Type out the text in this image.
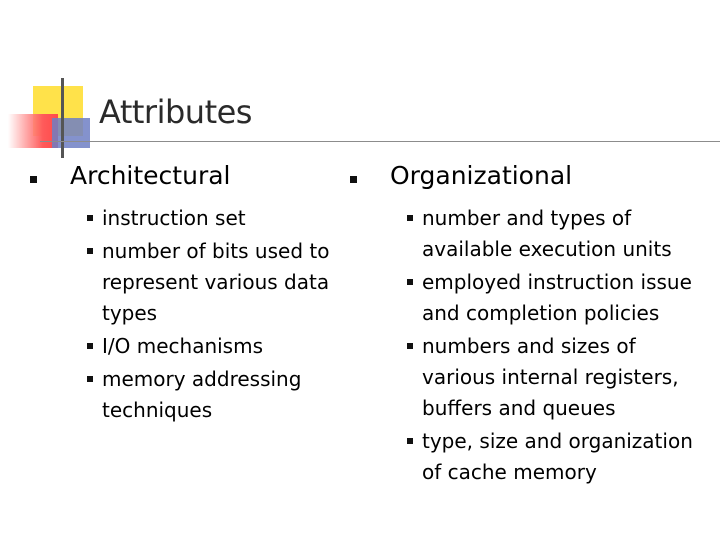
Attributes
Architectural
instruction set
number of bits used to represent various data types
I/O mechanisms
memory addressing techniques
Organizational
number and types of available execution units
employed instruction issue and completion policies
numbers and sizes of various internal registers, buffers and queues
type, size and organization of cache memory
